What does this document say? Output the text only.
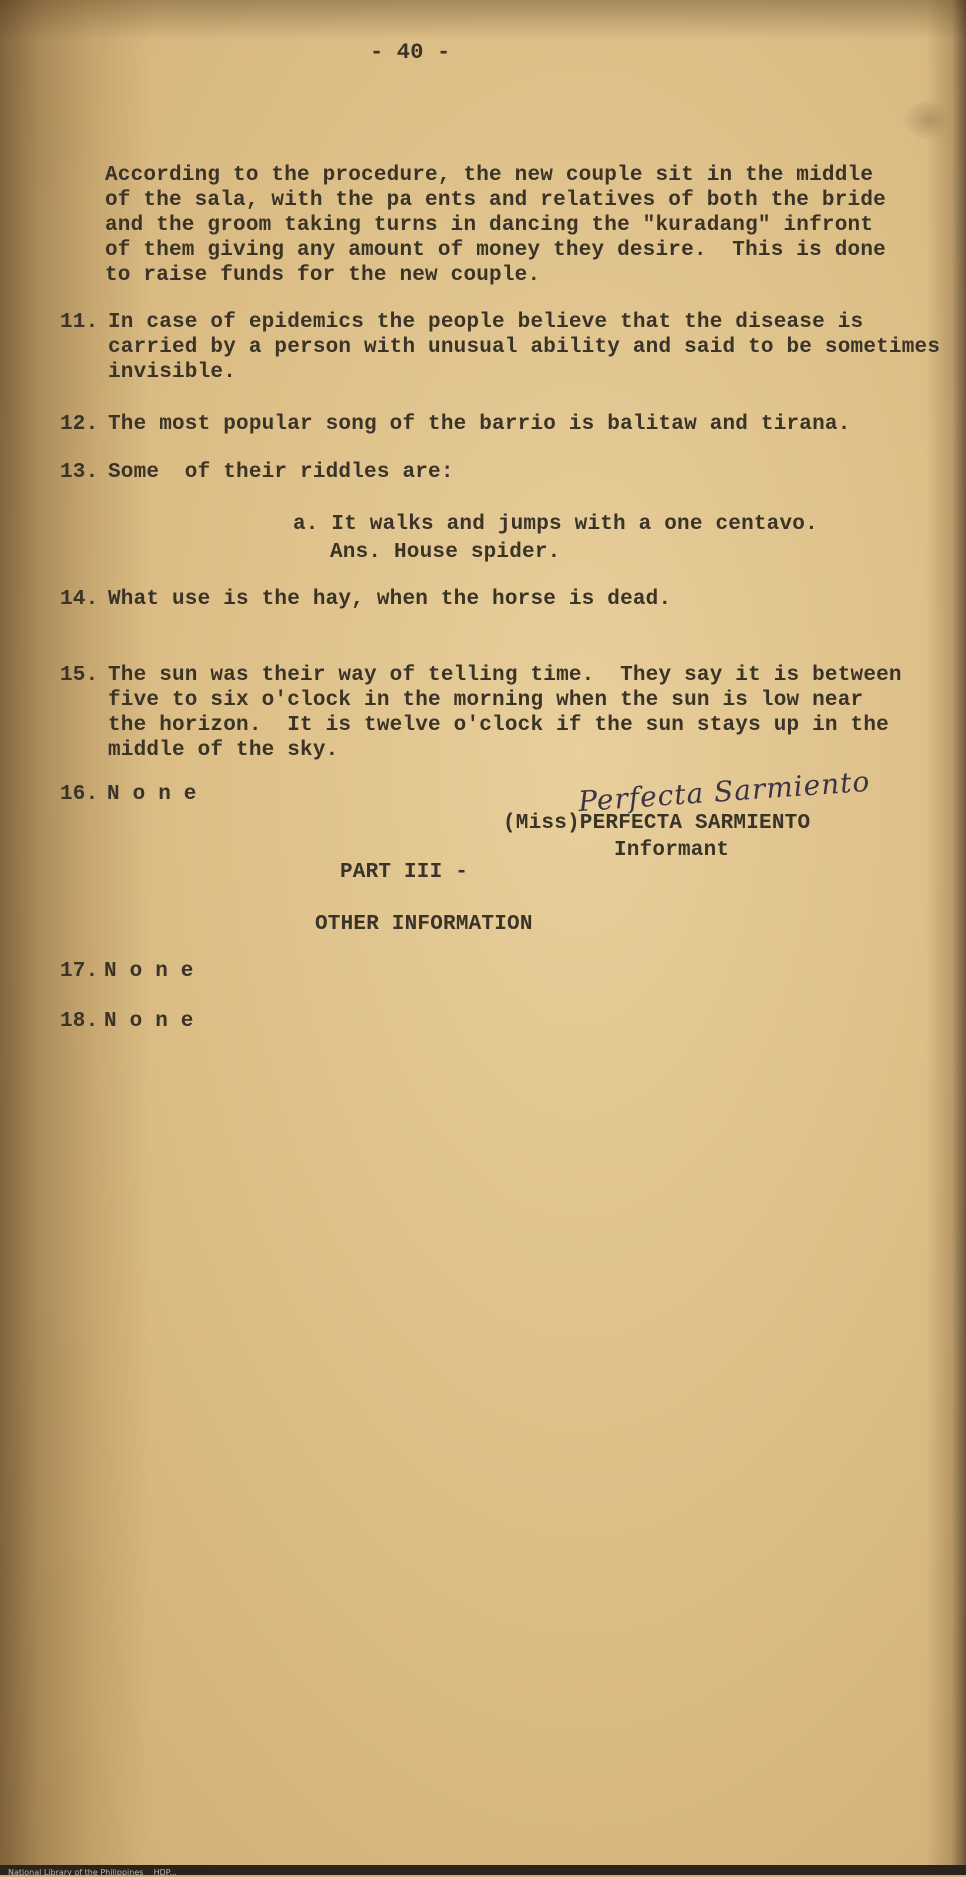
- 40 -
According to the procedure, the new couple sit in the middle
of the sala, with the pa ents and relatives of both the bride
and the groom taking turns in dancing the "kuradang" infront
of them giving any amount of money they desire.  This is done
to raise funds for the new couple.
11. In case of epidemics the people believe that the disease is
carried by a person with unusual ability and said to be sometimes
invisible.
12. The most popular song of the barrio is balitaw and tirana.
13. Some  of their riddles are:
a. It walks and jumps with a one centavo.
Ans. House spider.
14. What use is the hay, when the horse is dead.
15. The sun was their way of telling time.  They say it is between
five to six o'clock in the morning when the sun is low near
the horizon.  It is twelve o'clock if the sun stays up in the
middle of the sky.
16. N o n e	Perfecta Sarmiento
(Miss)PERFECTA SARMIENTO
Informant
PART III -
OTHER INFORMATION
17. N o n e
18. N o n e
National Library of the Philippines    HDP...
